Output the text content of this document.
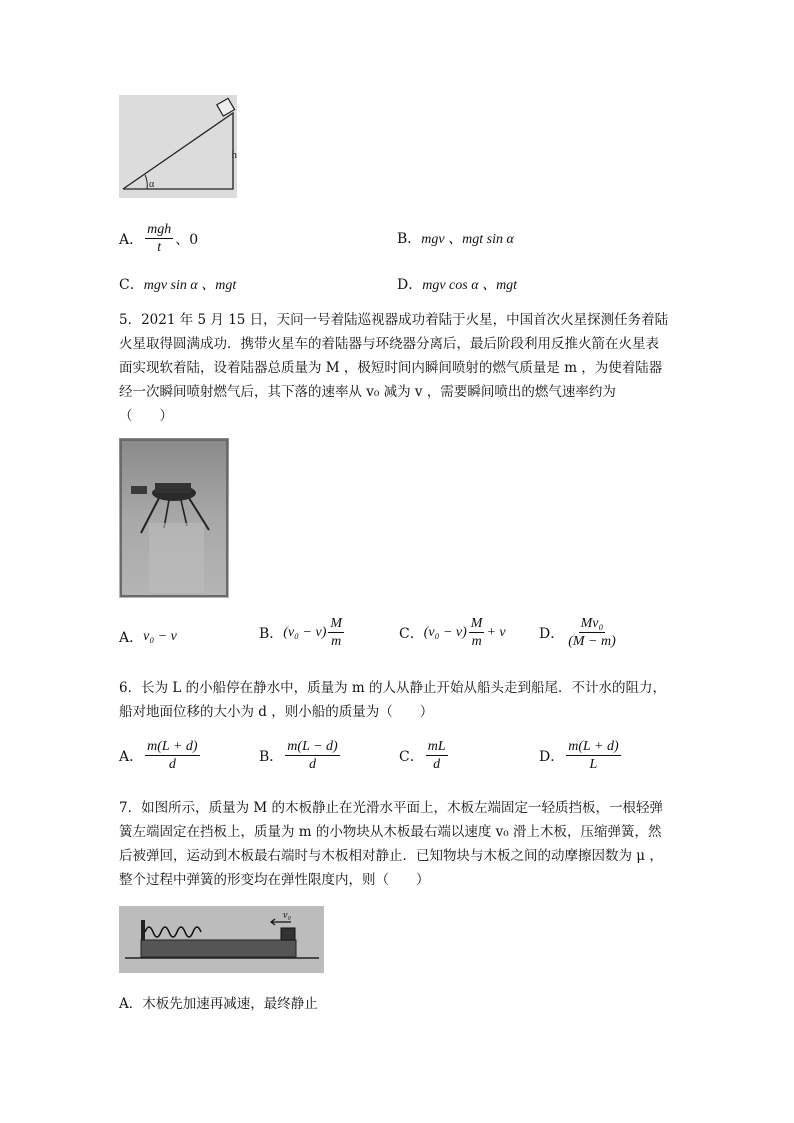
h
α
A． $\frac{\text{mgh}}{t}$ 、0	B． mgv 、mgt sin α
C． mgv sin α 、mgt	D． mgv cos α 、mgt

5．2021 年 5 月 15 日，天问一号着陆巡视器成功着陆于火星，中国首次火星探测任务着陆

火星取得圆满成功．携带火星车的着陆器与环绕器分离后，最后阶段利用反推火箭在火星表

面实现软着陆，设着陆器总质量为 M ，极短时间内瞬间喷射的燃气质量是 m ，为使着陆器

经一次瞬间喷射燃气后，其下落的速率从 v₀ 减为 v ，需要瞬间喷出的燃气速率约为

（　　）

A． v₀ − v	B． $(v_0 - v) \frac{M}{m}$	C． $(v_0 - v) \frac{M}{m} + v$ D． $\frac{\text{Mv₀}}{(M - m)}$

6．长为 L 的小船停在静水中，质量为 m 的人从静止开始从船头走到船尾．不计水的阻力，

船对地面位移的大小为 d ，则小船的质量为（　　）

A． $\frac{m(L + d)}{d}$	B． $\frac{m(L - d)}{d}$	C． $\frac{mL}{d}$	D． $\frac{m(L + d)}{L}$

7．如图所示，质量为 M 的木板静止在光滑水平面上，木板左端固定一轻质挡板，一根轻弹

簧左端固定在挡板上，质量为 m 的小物块从木板最右端以速度 v₀ 滑上木板，压缩弹簧，然

后被弹回，运动到木板最右端时与木板相对静止．已知物块与木板之间的动摩擦因数为 μ ，

整个过程中弹簧的形变均在弹性限度内，则（　　）

v₀
A．木板先加速再减速，最终静止
